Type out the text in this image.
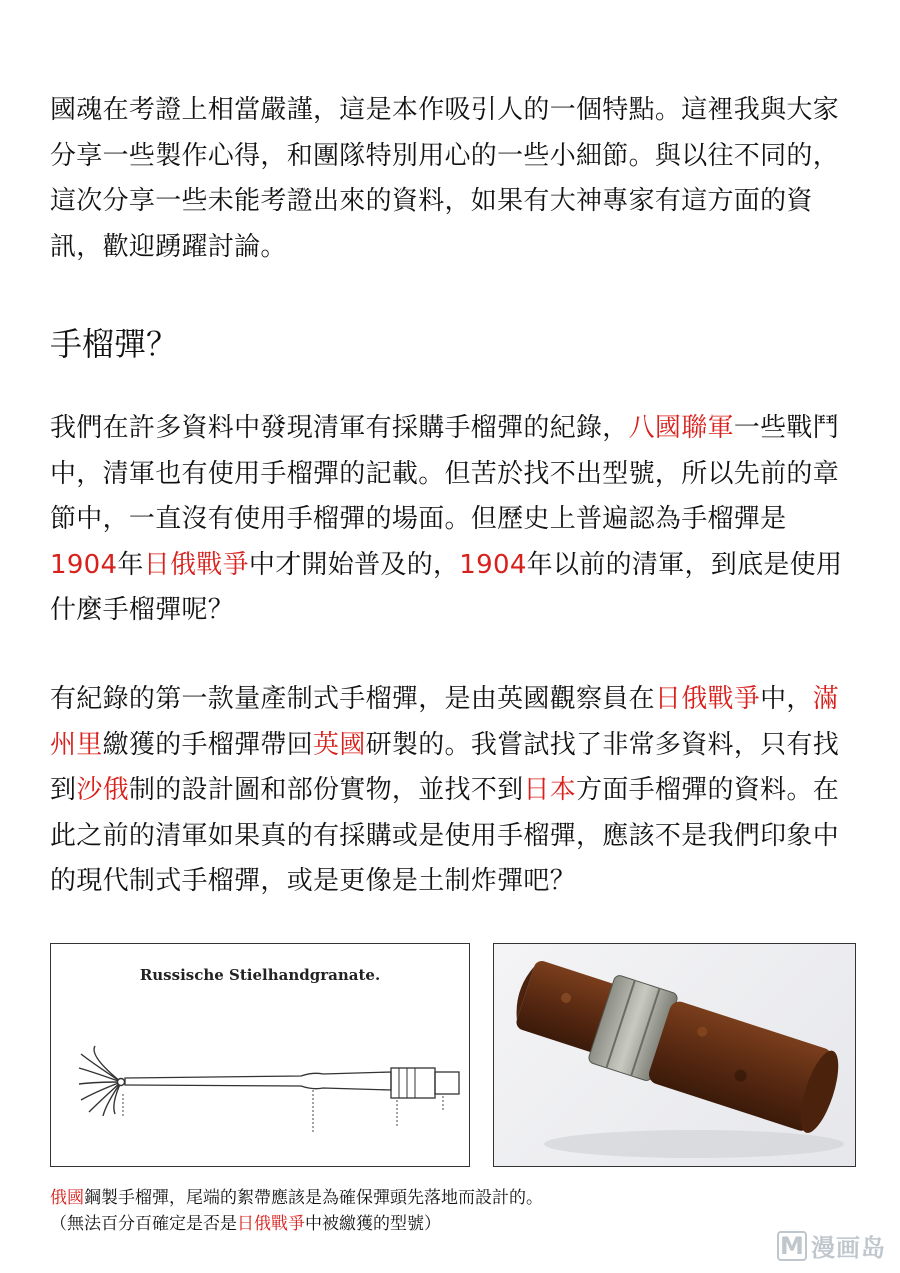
國魂在考證上相當嚴謹，這是本作吸引人的一個特點。這裡我與大家分享一些製作心得，和團隊特別用心的一些小細節。與以往不同的，這次分享一些未能考證出來的資料，如果有大神專家有這方面的資訊，歡迎踴躍討論。

手榴彈？

我們在許多資料中發現清軍有採購手榴彈的紀錄，八國聯軍一些戰鬥中，清軍也有使用手榴彈的記載。但苦於找不出型號，所以先前的章節中，一直沒有使用手榴彈的場面。但歷史上普遍認為手榴彈是1904年日俄戰爭中才開始普及的，1904年以前的清軍，到底是使用什麼手榴彈呢？

有紀錄的第一款量產制式手榴彈，是由英國觀察員在日俄戰爭中，滿州里繳獲的手榴彈帶回英國研製的。我嘗試找了非常多資料，只有找到沙俄制的設計圖和部份實物，並找不到日本方面手榴彈的資料。在此之前的清軍如果真的有採購或是使用手榴彈，應該不是我們印象中的現代制式手榴彈，或是更像是土制炸彈吧？

Russische Stielhandgranate.

俄國鋼製手榴彈，尾端的絮帶應該是為確保彈頭先落地而設計的。

（無法百分百確定是否是日俄戰爭中被繳獲的型號）

M 漫画岛
